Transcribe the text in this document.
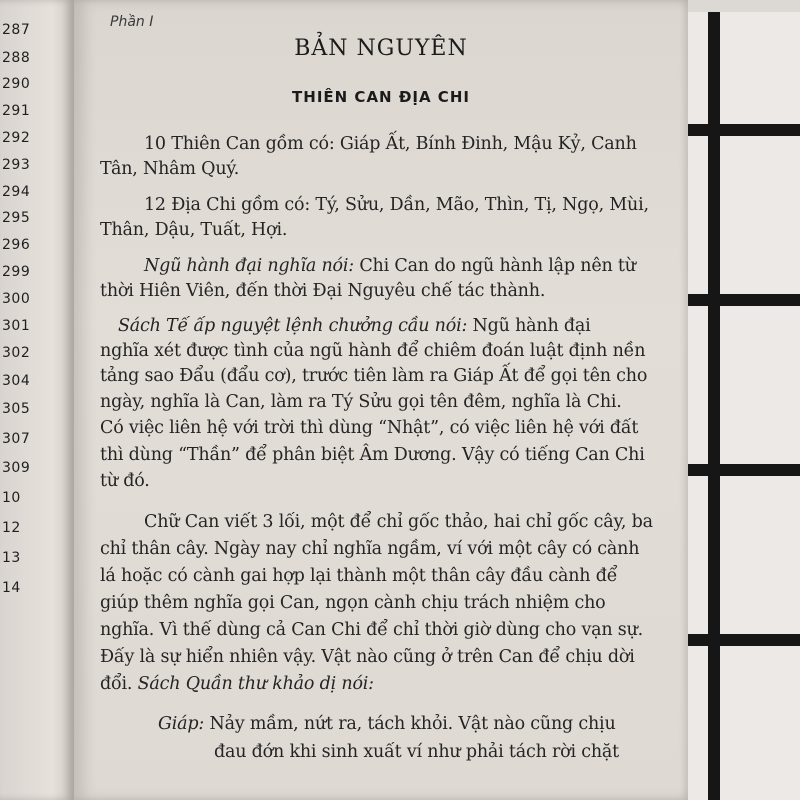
287
288
290
291
292
293
294
295
296
299
300
301
302
304
305
307
309
10
12
13
14
Phần I
BẢN NGUYÊN
THIÊN CAN ĐỊA CHI
10 Thiên Can gồm có: Giáp Ất, Bính Đinh, Mậu Kỷ, Canh
Tân, Nhâm Quý.
12 Địa Chi gồm có: Tý, Sửu, Dần, Mão, Thìn, Tị, Ngọ, Mùi,
Thân, Dậu, Tuất, Hợi.
Ngũ hành đại nghĩa nói: Chi Can do ngũ hành lập nên từ
thời Hiên Viên, đến thời Đại Nguyêu chế tác thành.
Sách Tế ấp nguyệt lệnh chưởng cầu nói: Ngũ hành đại
nghĩa xét được tình của ngũ hành để chiêm đoán luật định nền
tảng sao Đẩu (đẩu cơ), trước tiên làm ra Giáp Ất để gọi tên cho
ngày, nghĩa là Can, làm ra Tý Sửu gọi tên đêm, nghĩa là Chi.
Có việc liên hệ với trời thì dùng “Nhật”, có việc liên hệ với đất
thì dùng “Thần” để phân biệt Âm Dương. Vậy có tiếng Can Chi
từ đó.
Chữ Can viết 3 lối, một để chỉ gốc thảo, hai chỉ gốc cây, ba
chỉ thân cây. Ngày nay chỉ nghĩa ngầm, ví với một cây có cành
lá hoặc có cành gai hợp lại thành một thân cây đầu cành để
giúp thêm nghĩa gọi Can, ngọn cành chịu trách nhiệm cho
nghĩa. Vì thế dùng cả Can Chi để chỉ thời giờ dùng cho vạn sự.
Đấy là sự hiển nhiên vậy. Vật nào cũng ở trên Can để chịu dời
đổi. Sách Quần thư khảo dị nói:
Giáp: Nảy mầm, nứt ra, tách khỏi. Vật nào cũng chịu
đau đớn khi sinh xuất ví như phải tách rời chặt
